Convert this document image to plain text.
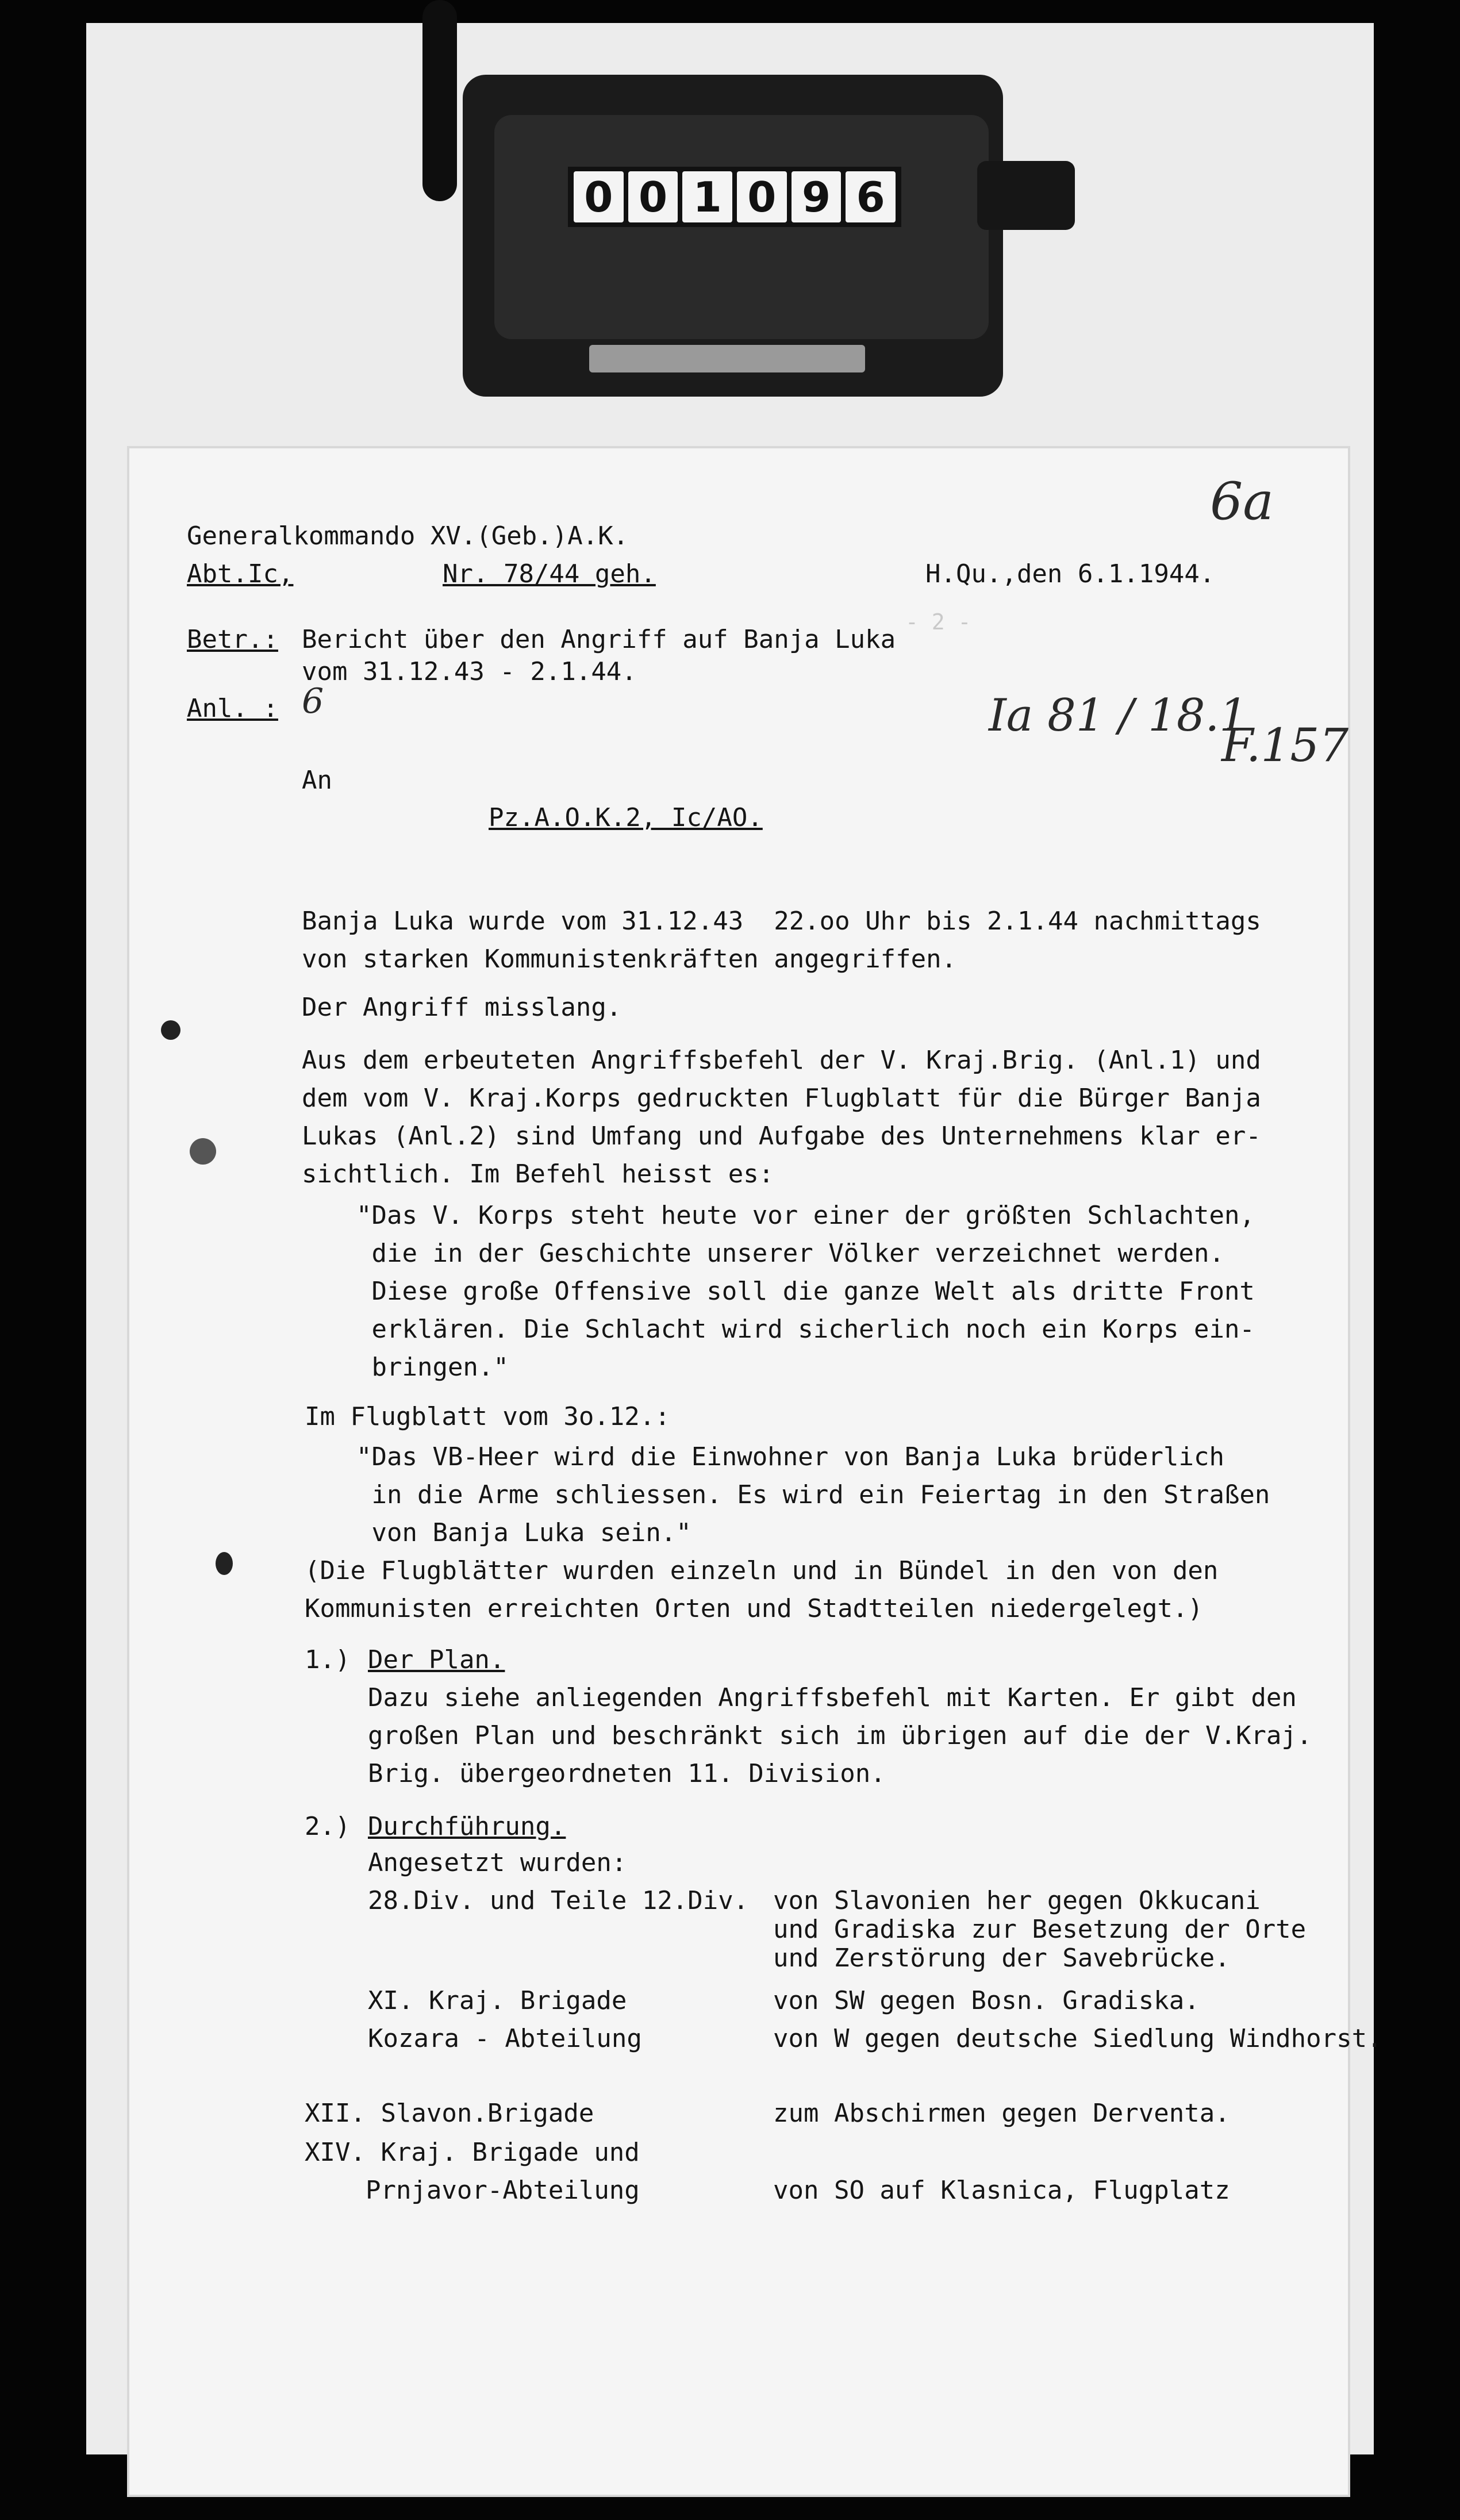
0 0 1 0 9 6
6a
Ia 81 / 18.1
F.157
- 2 -

Generalkommando XV.(Geb.)A.K.

Abt.Ic,	Nr. 78/44 geh.	H.Qu.,den 6.1.1944.

Betr.: Bericht über den Angriff auf Banja Luka

vom 31.12.43 - 2.1.44.

Anl. : 6

An

Pz.A.O.K.2, Ic/AO.

Banja Luka wurde vom 31.12.43  22.oo Uhr bis 2.1.44 nachmittags

von starken Kommunistenkräften angegriffen.

Der Angriff misslang.

Aus dem erbeuteten Angriffsbefehl der V. Kraj.Brig. (Anl.1) und

dem vom V. Kraj.Korps gedruckten Flugblatt für die Bürger Banja

Lukas (Anl.2) sind Umfang und Aufgabe des Unternehmens klar er-

sichtlich. Im Befehl heisst es:

"Das V. Korps steht heute vor einer der größten Schlachten,

die in der Geschichte unserer Völker verzeichnet werden.

Diese große Offensive soll die ganze Welt als dritte Front

erklären. Die Schlacht wird sicherlich noch ein Korps ein-

bringen."

Im Flugblatt vom 3o.12.:

"Das VB-Heer wird die Einwohner von Banja Luka brüderlich

in die Arme schliessen. Es wird ein Feiertag in den Straßen

von Banja Luka sein."

(Die Flugblätter wurden einzeln und in Bündel in den von den

Kommunisten erreichten Orten und Stadtteilen niedergelegt.)

1.) Der Plan.

Dazu siehe anliegenden Angriffsbefehl mit Karten. Er gibt den

großen Plan und beschränkt sich im übrigen auf die der V.Kraj.

Brig. übergeordneten 11. Division.

2.) Durchführung.

Angesetzt wurden:

28.Div. und Teile 12.Div. von Slavonien her gegen Okkucani

und Gradiska zur Besetzung der Orte

und Zerstörung der Savebrücke.

XI. Kraj. Brigade	von SW gegen Bosn. Gradiska.

Kozara - Abteilung	von W gegen deutsche Siedlung Windhorst.

XII. Slavon.Brigade	zum Abschirmen gegen Derventa.

XIV. Kraj. Brigade und

Prnjavor-Abteilung	von SO auf Klasnica, Flugplatz
